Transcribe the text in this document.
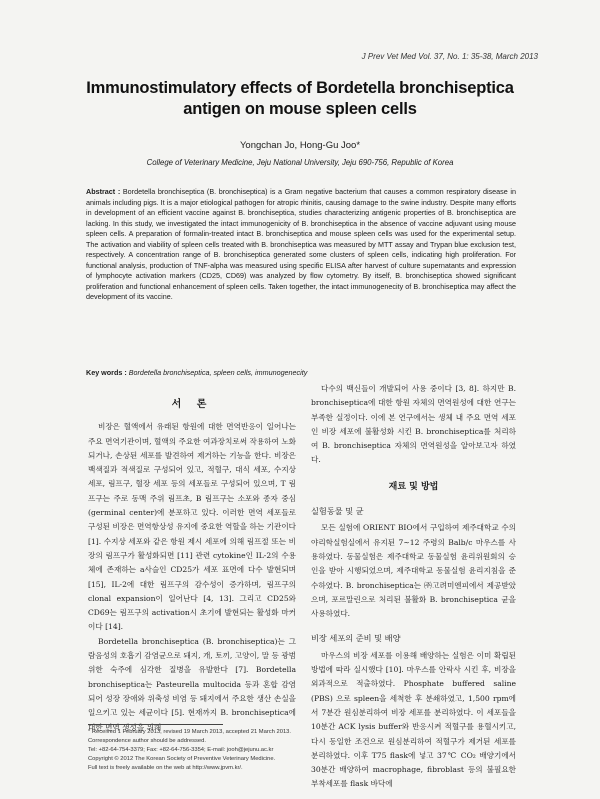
J Prev Vet Med Vol. 37, No. 1: 35-38, March 2013
Immunostimulatory effects of Bordetella bronchiseptica
antigen on mouse spleen cells
Yongchan Jo, Hong-Gu Joo*
College of Veterinary Medicine, Jeju National University, Jeju 690-756, Republic of Korea
Abstract : Bordetella bronchiseptica (B. bronchiseptica) is a Gram negative bacterium that causes a common respiratory disease in animals including pigs. It is a major etiological pathogen for atropic rhinitis, causing damage to the swine industry. Despite many efforts in development of an efficient vaccine against B. bronchiseptica, studies characterizing antigenic properties of B. bronchiseptica are lacking. In this study, we investigated the intact immunogenicity of B. bronchiseptica in the absence of vaccine adjuvant using mouse spleen cells. A preparation of formalin-treated intact B. bronchiseptica and mouse spleen cells was used for the experimental setup. The activation and viability of spleen cells treated with B. bronchiseptica was measured by MTT assay and Trypan blue exclusion test, respectively. A concentration range of B. bronchiseptica generated some clusters of spleen cells, indicating high proliferation. For functional analysis, production of TNF-alpha was measured using specific ELISA after harvest of culture supernatants and expression of lymphocyte activation markers (CD25, CD69) was analyzed by flow cytometry. By itself, B. bronchiseptica showed significant proliferation and functional enhancement of spleen cells. Taken together, the intact immunogenecity of B. bronchiseptica may affect the development of its vaccine.
Key words : Bordetella bronchiseptica, spleen cells, immunogenecity
서 론

비장은 혈액에서 유래된 항원에 대한 면역반응이 일어나는 주요 면역기관이며, 혈액의 주요한 여과장치로써 작용하여 노화되거나, 손상된 세포를 발견하여 제거하는 기능을 한다. 비장은 백색질과 적색질로 구성되어 있고, 적혈구, 대식 세포, 수지상 세포, 림프구, 혈장 세포 등의 세포들로 구성되어 있으며, T 림프구는 주로 동맥 주위 림프초, B 림프구는 소포와 종자 중심 (germinal center)에 분포하고 있다. 이러한 면역 세포들로 구성된 비장은 면역항상성 유지에 중요한 역할을 하는 기관이다 [1]. 수지상 세포와 같은 항원 제시 세포에 의해 림프절 또는 비장의 림프구가 활성화되면 [11] 관련 cytokine인 IL-2의 수용체에 존재하는 a사슬인 CD25가 세포 표면에 다수 발현되며 [15], IL-2에 대한 림프구의 감수성이 증가하며, 림프구의 clonal expansion이 일어난다 [4, 13]. 그리고 CD25와 CD69는 림프구의 activation시 초기에 발현되는 활성화 마커이다 [14].

Bordetella bronchiseptica (B. bronchiseptica)는 그람음성의 호흡기 감염균으로 돼지, 개, 토끼, 고양이, 말 등 광범위한 숙주에 심각한 질병을 유발한다 [7]. Bordetella bronchiseptica는 Pasteurella multocida 등과 혼합 감염되어 성장 장애와 위축성 비염 등 돼지에서 주요한 생산 손실을 일으키고 있는 세균이다 [5]. 현재까지 B. bronchiseptica에 대한 면역 생성을 위해

다수의 백신들이 개발되어 사용 중이다 [3, 8]. 하지만 B. bronchiseptica에 대한 항원 자체의 면역원성에 대한 연구는 부족한 실정이다. 이에 본 연구에서는 생체 내 주요 면역 세포인 비장 세포에 불활성화 시킨 B. bronchiseptica를 처리하여 B. bronchiseptica 자체의 면역원성을 알아보고자 하였다.

재료 및 방법
실험동물 및 균

모든 실험에 ORIENT BIO에서 구입하여 제주대학교 수의야리학실험실에서 유지된 7∼12 주령의 Balb/c 마우스를 사용하였다. 동물실험은 제주대학교 동물실험 윤리위원회의 승인을 받아 시행되었으며, 제주대학교 동물실험 윤리지침을 준수하였다. B. bronchiseptica는 ㈜고려미엔피에서 제공받았으며, 포르말린으로 처리된 불활화 B. bronchiseptica 균을 사용하였다.

비장 세포의 준비 및 배양

마우스의 비장 세포를 이용해 배양하는 실험은 이미 확립된 방법에 따라 실시했다 [10]. 마우스를 안락사 시킨 후, 비장을 외과적으로 적출하였다. Phosphate buffered saline (PBS) 으로 spleen을 세척한 후 분쇄하였고, 1,500 rpm에서 7분간 원심분리하여 비장 세포를 분리하였다. 이 세포들을 10분간 ACK lysis buffer와 반응시켜 적혈구를 용혈시키고, 다시 동일한 조건으로 원심분리하여 적혈구가 제거된 세포를 분리하였다. 이후 T75 flask에 넣고 37℃ CO₂ 배양기에서 30분간 배양하여 macrophage, fibroblast 등의 불필요한 부착세포를 flask 바닥에

* Received 1 February 2013, revised 19 March 2013, accepted 21 March 2013.
Correspondence author should be addressed.
Tel: +82-64-754-3379; Fax: +82-64-756-3354; E-mail: jooh@jejunu.ac.kr
Copyright © 2012 The Korean Society of Preventive Veterinary Medicine.
Full text is freely available on the web at http://www.jpvm.kr/.
